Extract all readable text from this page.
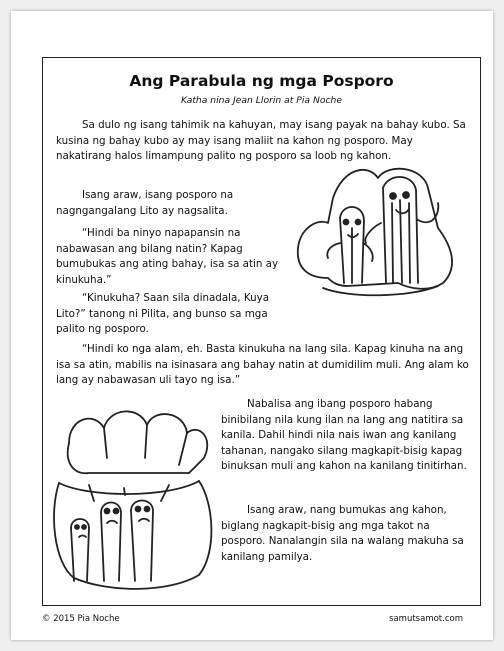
Ang Parabula ng mga Posporo
Katha nina Jean Llorin at Pia Noche

Sa dulo ng isang tahimik na kahuyan, may isang payak na bahay kubo. Sa kusina ng bahay kubo ay may isang maliit na kahon ng posporo. May nakatirang halos limampung palito ng posporo sa loob ng kahon.

Isang araw, isang posporo na nagngangalang Lito ay nagsalita.

“Hindi ba ninyo napapansin na nabawasan ang bilang natin? Kapag bumubukas ang ating bahay, isa sa atin ay kinukuha.”

“Kinukuha? Saan sila dinadala, Kuya Lito?” tanong ni Pilita, ang bunso sa mga palito ng posporo.

“Hindi ko nga alam, eh. Basta kinukuha na lang sila. Kapag kinuha na ang isa sa atin, mabilis na isinasara ang bahay natin at dumidilim muli. Ang alam ko lang ay nabawasan uli tayo ng isa.”

Nabalisa ang ibang posporo habang binibilang nila kung ilan na lang ang natitira sa kanila. Dahil hindi nila nais iwan ang kanilang tahanan, nangako silang magkapit-bisig kapag binuksan muli ang kahon na kanilang tinitirhan.

Isang araw, nang bumukas ang kahon, biglang nagkapit-bisig ang mga takot na posporo. Nanalangin sila na walang makuha sa kanilang pamilya.

© 2015 Pia Noche	samutsamot.com
